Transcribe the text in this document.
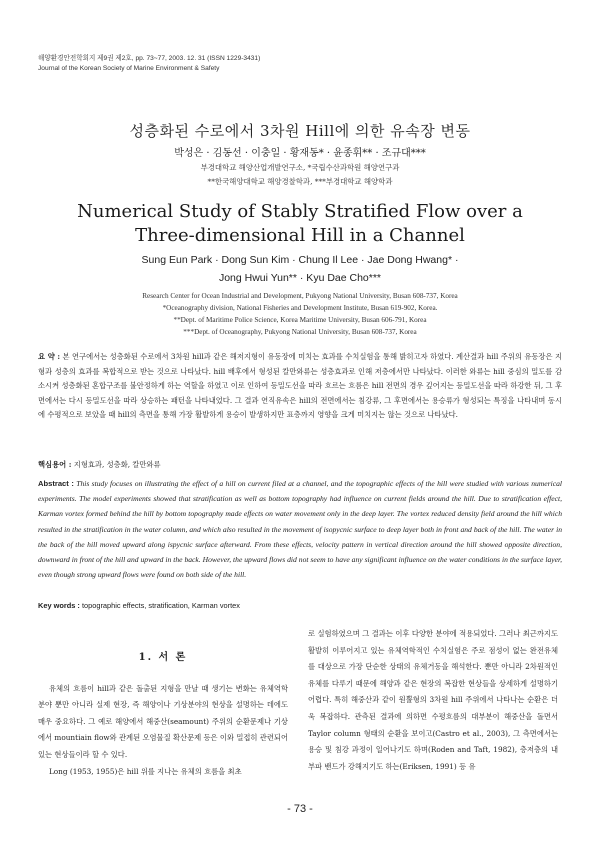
해양환경안전학회지 제9권 제2호, pp. 73~77, 2003. 12. 31 (ISSN 1229-3431)
Journal of the Korean Society of Marine Environment & Safety
성층화된 수로에서 3차원 Hill에 의한 유속장 변동
박성은 · 김동선 · 이충일 · 황재동* · 윤종휘** · 조규대***
부경대학교 해양산업개발연구소, *국립수산과학원 해양연구과
**한국해양대학교 해양경찰학과, ***부경대학교 해양학과
Numerical Study of Stably Stratified Flow over a
Three-dimensional Hill in a Channel
Sung Eun Park · Dong Sun Kim · Chung Il Lee · Jae Dong Hwang* ·
Jong Hwui Yun** · Kyu Dae Cho***
Research Center for Ocean Industrial and Development, Pukyong National University, Busan 608-737, Korea
*Oceanography division, National Fisheries and Development Institute, Busan 619-902, Korea.
**Dept. of Maritime Police Science, Korea Maritime University, Busan 606-791, Korea
***Dept. of Oceanography, Pukyong National University, Busan 608-737, Korea
요 약 : 본 연구에서는 성층화된 수로에서 3차원 hill과 같은 해저지형이 유동장에 미치는 효과를 수치실험을 통해 밝히고자 하였다. 계산결과 hill 주위의 유동장은 지형과 성층의 효과를 복합적으로 받는 것으로 나타났다. hill 배후에서 형성된 칼만와류는 성층효과로 인해 저층에서만 나타났다. 이러한 와류는 hill 중심의 밀도를 감소시켜 성층화된 혼합구조를 불안정하게 하는 역할을 하였고 이로 인하여 등밀도선을 따라 흐르는 흐름은 hill 전면의 경우 깊어지는 등밀도선을 따라 하강한 뒤, 그 후면에서는 다시 등밀도선을 따라 상승하는 패턴을 나타내었다. 그 결과 연직유속은 hill의 전면에서는 침강류, 그 후면에서는 용승류가 형성되는 특징을 나타내며 동시에 수평적으로 보았을 때 hill의 측면을 통해 가장 활발하게 용승이 발생하지만 표층까지 영향을 크게 미치지는 않는 것으로 나타났다.
핵심용어 : 지형효과, 성층화, 칼만와류
Abstract : This study focuses on illustrating the effect of a hill on current filed at a channel, and the topographic effects of the hill were studied with various numerical experiments. The model experiments showed that stratification as well as bottom topography had influence on current fields around the hill. Due to stratification effect, Karman vortex formed behind the hill by bottom topography made effects on water movement only in the deep layer. The vortex reduced density field around the hill which resulted in the stratification in the water column, and which also resulted in the movement of isopycnic surface to deep layer both in front and back of the hill. The water in the back of the hill moved upward along ispycnic surface afterward. From these effects, velocity pattern in vertical direction around the hill showed opposite direction, downward in front of the hill and upward in the back. However, the upward flows did not seem to have any significant influence on the water conditions in the surface layer, even though strong upward flows were found on both side of the hill.
Key words : topographic effects, stratification, Karman vortex
1. 서 론
유체의 흐름이 hill과 같은 돌출된 지형을 만날 때 생기는 변화는 유체역학분야 뿐만 아니라 실제 현장, 즉 해양이나 기상분야의 현상을 설명하는 데에도 매우 중요하다. 그 예로 해양에서 해중산(seamount) 주위의 순환문제나 기상에서 mountiain flow와 관계된 오염물질 확산문제 등은 이와 밀접히 관련되어 있는 현상들이라 할 수 있다.
Long (1953, 1955)은 hill 위를 지나는 유체의 흐름을 최초
로 실험하였으며 그 결과는 이후 다양한 분야에 적용되었다. 그러나 최근까지도 활발히 이루어지고 있는 유체역학적인 수치실험은 주로 점성이 없는 완전유체를 대상으로 가장 단순한 상태의 유체거동을 해석한다. 뿐만 아니라 2차원적인 유체를 다루기 때문에 해양과 같은 현장의 복잡한 현상들을 상세하게 설명하기 어렵다. 특히 해중산과 같이 원뿔형의 3차원 hill 주위에서 나타나는 순환은 더욱 복잡하다. 관측된 결과에 의하면 수평흐름의 대부분이 해중산을 돌면서 Taylor column 형태의 순환을 보이고(Castro et al., 2003), 그 측면에서는 용승 및 침강 과정이 일어나기도 하며(Roden and Taft, 1982), 층저층의 내부파 밴드가 강해지기도 하는(Eriksen, 1991) 등 유
- 73 -
